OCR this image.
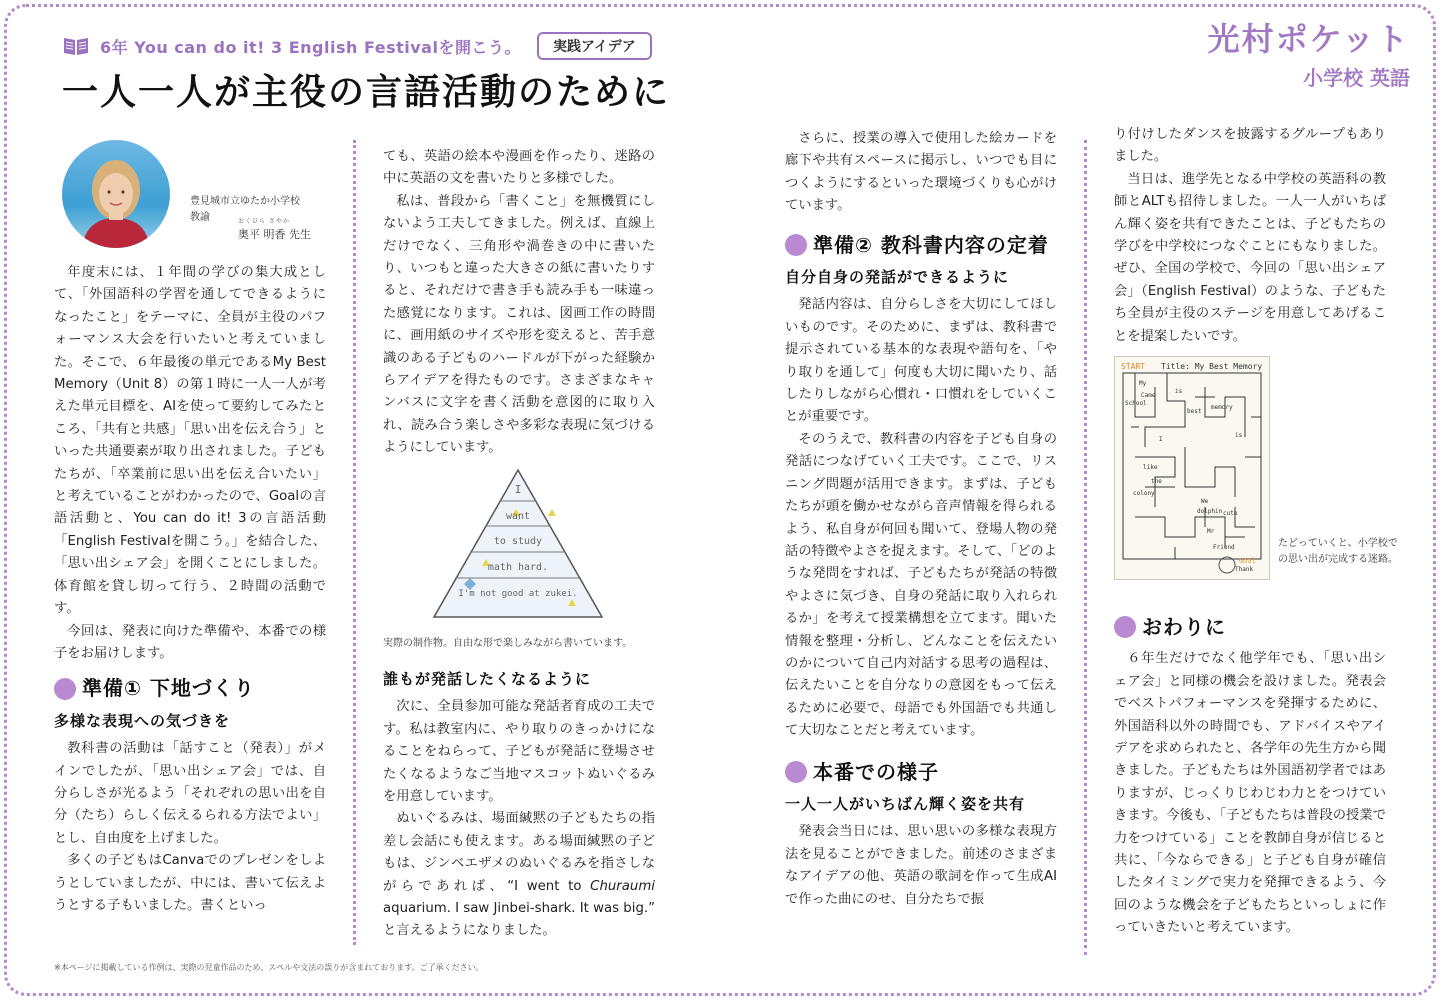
6年 You can do it! 3 English Festivalを開こう。	実践アイデア
一人一人が主役の言語活動のために
光村ポケット
小学校 英語
豊見城市立ゆたか小学校
教諭	おくひら さやか
奥平 明香 先生

年度末には、１年間の学びの集大成として、「外国語科の学習を通してできるようになったこと」をテーマに、全員が主役のパフォーマンス大会を行いたいと考えていました。そこで、６年最後の単元であるMy Best Memory（Unit 8）の第１時に一人一人が考えた単元目標を、AIを使って要約してみたところ、「共有と共感」「思い出を伝え合う」といった共通要素が取り出されました。子どもたちが、「卒業前に思い出を伝え合いたい」と考えていることがわかったので、Goalの言語活動と、You can do it! 3の言語活動「English Festivalを開こう。」を結合した、「思い出シェア会」を開くことにしました。体育館を貸し切って行う、２時間の活動です。

今回は、発表に向けた準備や、本番での様子をお届けします。

準備① 下地づくり
多様な表現への気づきを

教科書の活動は「話すこと（発表）」がメインでしたが、「思い出シェア会」では、自分らしさが光るよう「それぞれの思い出を自分（たち）らしく伝えるられる方法でよい」とし、自由度を上げました。

多くの子どもはCanvaでのプレゼンをしようとしていましたが、中には、書いて伝えようとする子もいました。書くといっ

ても、英語の絵本や漫画を作ったり、迷路の中に英語の文を書いたりと多様でした。

私は、普段から「書くこと」を無機質にしないよう工夫してきました。例えば、直線上だけでなく、三角形や渦巻きの中に書いたり、いつもと違った大きさの紙に書いたりすると、それだけで書き手も読み手も一味違った感覚になります。これは、図画工作の時間に、画用紙のサイズや形を変えると、苦手意識のある子どものハードルが下がった経験からアイデアを得たものです。さまざまなキャンバスに文字を書く活動を意図的に取り入れ、読み合う楽しさや多彩な表現に気づけるようにしています。

I
want
to study
math hard.
I'm not good at zukei.
実際の制作物。自由な形で楽しみながら書いています。
誰もが発話したくなるように

次に、全員参加可能な発話者育成の工夫です。私は教室内に、やり取りのきっかけになることをねらって、子どもが発話に登場させたくなるようなご当地マスコットぬいぐるみを用意しています。

ぬいぐるみは、場面緘黙の子どもたちの指差し会話にも使えます。ある場面緘黙の子どもは、ジンベエザメのぬいぐるみを指さしながらであれば、“I went to Churaumi aquarium. I saw Jinbei-shark. It was big.” と言えるようになりました。

さらに、授業の導入で使用した絵カードを廊下や共有スペースに掲示し、いつでも目につくようにするといった環境づくりも心がけています。

準備② 教科書内容の定着
自分自身の発話ができるように

発話内容は、自分らしさを大切にしてほしいものです。そのために、まずは、教科書で提示されている基本的な表現や語句を、「やり取りを通して」何度も大切に聞いたり、話したりしながら心慣れ・口慣れをしていくことが重要です。

そのうえで、教科書の内容を子ども自身の発話につなげていく工夫です。ここで、リスニング問題が活用できます。まずは、子どもたちが頭を働かせながら音声情報を得られるよう、私自身が何回も聞いて、登場人物の発話の特徴やよさを捉えます。そして、「どのような発問をすれば、子どもたちが発話の特徴やよさに気づき、自身の発話に取り入れられるか」を考えて授業構想を立てます。聞いた情報を整理・分析し、どんなことを伝えたいのかについて自己内対話する思考の過程は、伝えたいことを自分なりの意図をもって伝えるために必要で、母語でも外国語でも共通して大切なことだと考えています。

本番での様子
一人一人がいちばん輝く姿を共有

発表会当日には、思い思いの多様な表現方法を見ることができました。前述のさまざまなアイデアの他、英語の歌詞を作って生成AIで作った曲にのせ、自分たちで振

り付けしたダンスを披露するグループもありました。

当日は、進学先となる中学校の英語科の教師とALTも招待しました。一人一人がいちばん輝く姿を共有できたことは、子どもたちの学びを中学校につなぐことにもなりました。ぜひ、全国の学校で、今回の「思い出シェア会」（English Festival）のような、子どもたち全員が主役のステージを用意してあげることを提案したいです。

START Title: My Best Memory
My
School
Came
is
best
memory
I
like
the
colony
We
dolphin
Mr
Friend
is
cute
Thank
Goal
たどっていくと、小学校での思い出が完成する迷路。
おわりに

６年生だけでなく他学年でも、「思い出シェア会」と同様の機会を設けました。発表会でベストパフォーマンスを発揮するために、外国語科以外の時間でも、アドバイスやアイデアを求められたと、各学年の先生方から聞きました。子どもたちは外国語初学者ではありますが、じっくりじわじわ力とをつけていきます。今後も、「子どもたちは普段の授業で力をつけている」ことを教師自身が信じると共に、「今ならできる」と子ども自身が確信したタイミングで実力を発揮できるよう、今回のような機会を子どもたちといっしょに作っていきたいと考えています。

※本ページに掲載している作例は、実際の児童作品のため、スペルや文法の誤りが含まれております。ご了承ください。
